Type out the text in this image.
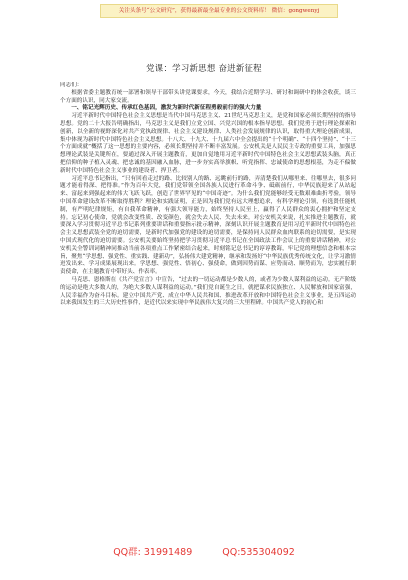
关注头条号“公文研究”，获得最新最全最专业的公文资料库！ 微信：gongwenyj
党课：学习新思想 奋进新征程

同志们：

根据省委主题教育统一部署和领导干部带头讲党课要求，今天，我结合近期学习、研讨和调研中的体会收获，谈三个方面的认识，同大家交流。

一、铭记光辉历史、传承红色基因，激发为新时代新征程勇毅前行的强大力量

习近平新时代中国特色社会主义思想是当代中国马克思主义、21世纪马克思主义，是党和国家必须长期坚持的指导思想。党的二十大报告明确指出，马克思主义是我们立党立国、兴党兴国的根本指导思想。我们党勇于进行理论探索和创新，以全新的视野深化对共产党执政规律、社会主义建设规律、人类社会发展规律的认识，取得重大理论创新成果，集中体现为新时代中国特色社会主义思想。十八大、十九大、十九届六中全会提出的“十个明确”、“十四个坚持”、“十三个方面成就”概括了这一思想的主要内容，必须长期坚持并不断丰富发展。公安机关是人民民主专政的重要工具，加强思想理论武装是关键所在，要通过深入开展主题教育，更加自觉地用习近平新时代中国特色社会主义思想武装头脑，真正把信仰的种子植入灵魂、把忠诚的基因融入血脉，进一步夯实高举旗帜、听党指挥、忠诚使命的思想根基，为走不偏做新时代中国特色社会主义事业的建设者、捍卫者。

习近平总书记指出，“只有回看走过的路、比较别人的路、远眺前行的路，弄清楚我们从哪里来、往哪里去，很多问题才能看得深、把得准。”作为百年大党，我们党带领全国各族人民进行革命斗争、砥砺前行，中华民族迎来了从站起来、富起来到强起来的伟大飞跃飞跃，创造了世界罕见的“中国奇迹”。为什么我们党能够经受无数艰难曲折考验，领导中国革命建设改革不断取得胜利？理论和实践证明，正是因为我们党有远大理想追求，有科学理论引领，有选贤任能机制，有严明纪律规矩，有自我革命精神，有强大领导能力，始终坚持人民至上，赢得了人民群众的衷心拥护和坚定支持。忘记初心使命，党就会改变性质、改变颜色，就会失去人民、失去未来。对公安机关来说，扎实推进主题教育，就要深入学习贯彻习近平总书记系列重要讲话和重要指示批示精神，深刻认识开展主题教育是用习近平新时代中国特色社会主义思想武装全党的迫切需要，是新时代加强党的建设的迫切需要，是保持同人民群众血肉联系的迫切需要，是实现中国式现代化的迫切需要。公安机关要始终坚持把学习贯彻习近平总书记在全国政法工作会议上的重要讲话精神，对公安机关全警训词精神同推动当前各项重点工作紧密结合起来，时刻铭记总书记的谆谆教诲，牢记党的理想信念和根本宗旨，聚焦“学思想、强党性、重实践、建新功”，弘扬伟大建党精神，继承和发扬好“中华民族优秀传统文化，让学习激情迸发出来、学习成果展现出来。学思想、强党性、悟初心、强使命，做到因势而谋、应势而动、顺势而为，忠实履行职责使命，在主题教育中带好头、作表率。

马克思、恩格斯在《共产党宣言》中宣告，“过去的一切运动都是少数人的，或者为少数人谋利益的运动。无产阶级的运动是绝大多数人的，为绝大多数人谋利益的运动。”我们党自诞生之日，就把谋求民族独立、人民解放和国家富强，人民幸福作为奋斗目标。建立中国共产党、成立中华人民共和国、推进改革开放和中国特色社会主义事业，是五四运动以来我国发生的三大历史性事件，是近代以来实现中华民族伟大复兴的三大里程碑。中国共产党人的初心和

QQ群: 31991489	QQ:535304092
